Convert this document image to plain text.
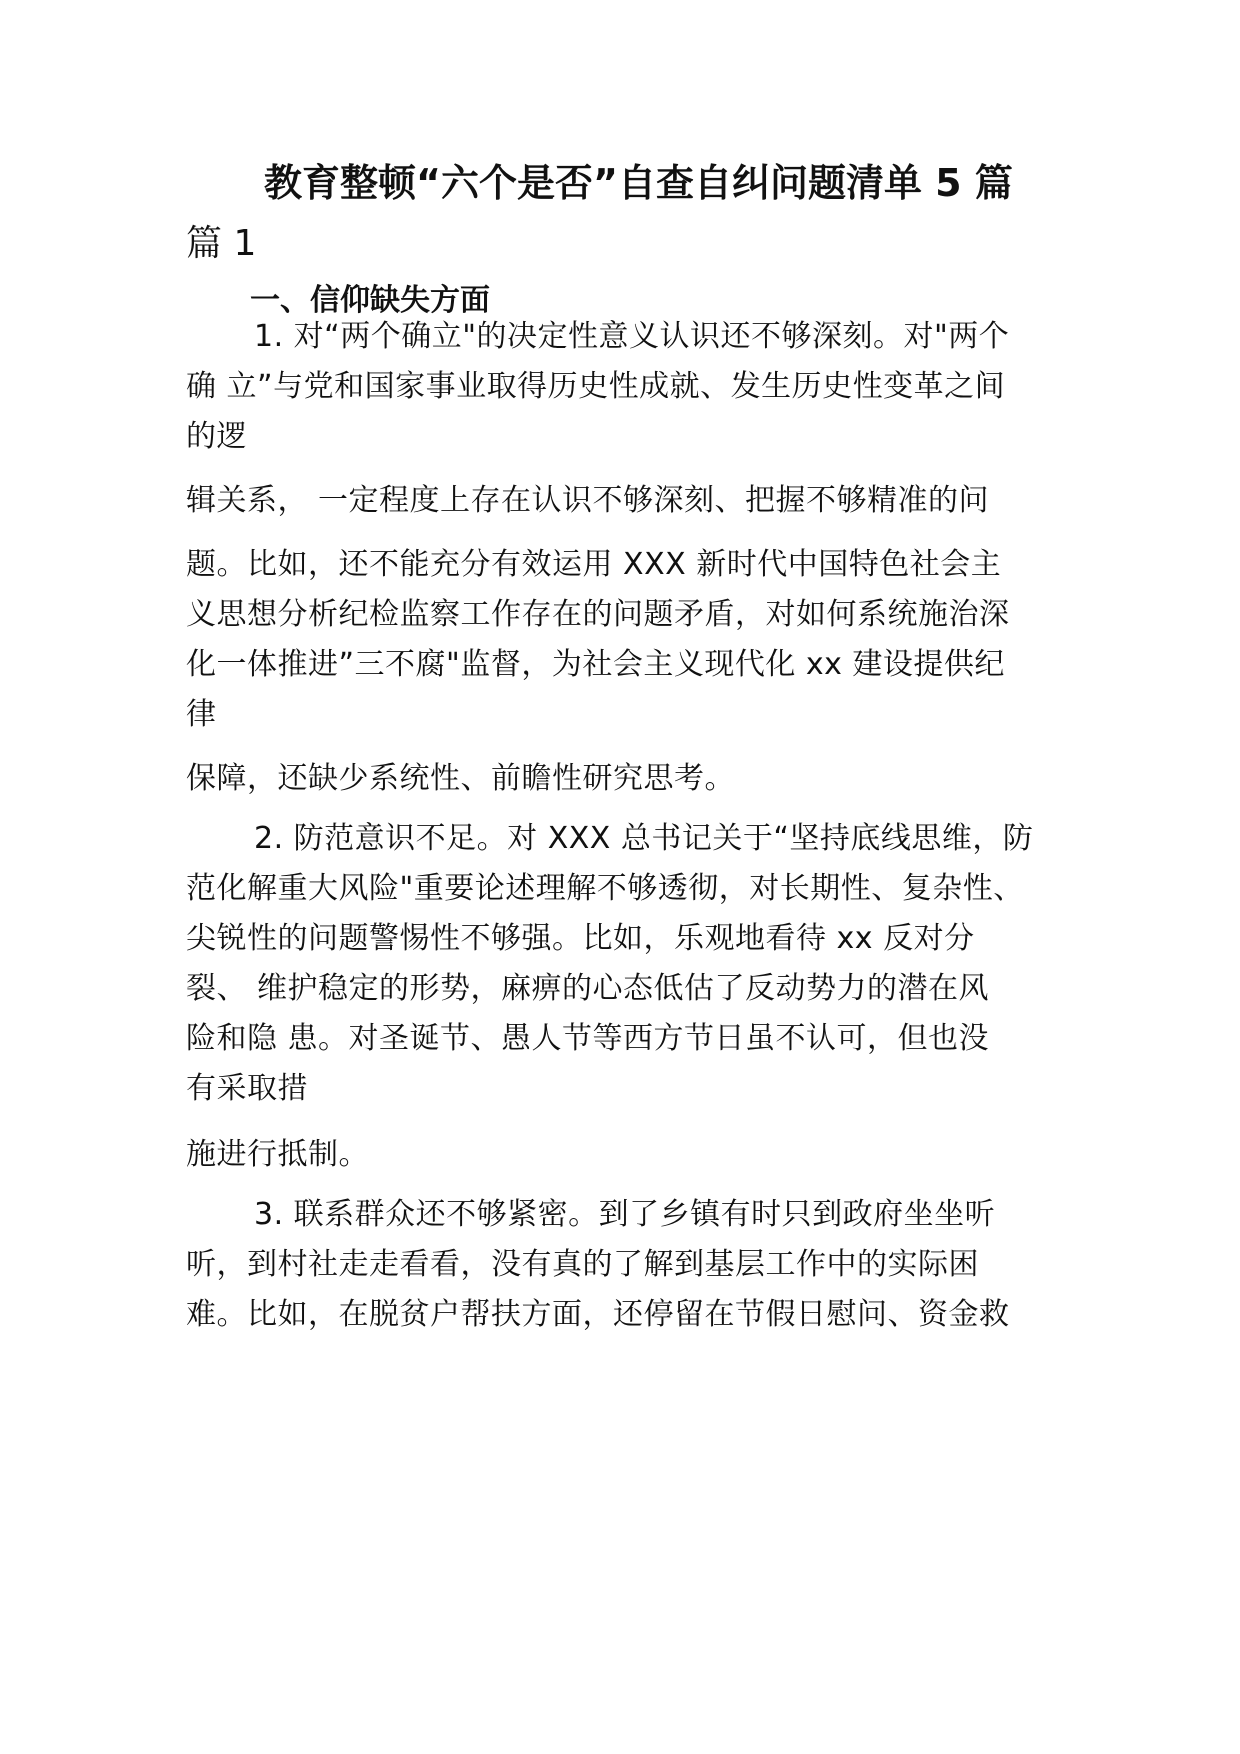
教育整顿“六个是否”自查自纠问题清单 5 篇
篇 1
一、信仰缺失方面
1. 对“两个确立"的决定性意义认识还不够深刻。对"两个
确 立”与党和国家事业取得历史性成就、发生历史性变革之间
的逻
辑关系， 一定程度上存在认识不够深刻、把握不够精准的问
题。比如，还不能充分有效运用 XXX 新时代中国特色社会主
义思想分析纪检监察工作存在的问题矛盾，对如何系统施治深
化一体推进”三不腐"监督，为社会主义现代化 xx 建设提供纪
律
保障，还缺少系统性、前瞻性研究思考。
2. 防范意识不足。对 XXX 总书记关于“坚持底线思维，防
范化解重大风险"重要论述理解不够透彻，对长期性、复杂性、
尖锐性的问题警惕性不够强。比如，乐观地看待 xx 反对分
裂、 维护稳定的形势，麻痹的心态低估了反动势力的潜在风
险和隐 患。对圣诞节、愚人节等西方节日虽不认可，但也没
有采取措
施进行抵制。
3. 联系群众还不够紧密。到了乡镇有时只到政府坐坐听
听，到村社走走看看，没有真的了解到基层工作中的实际困
难。比如，在脱贫户帮扶方面，还停留在节假日慰问、资金救
